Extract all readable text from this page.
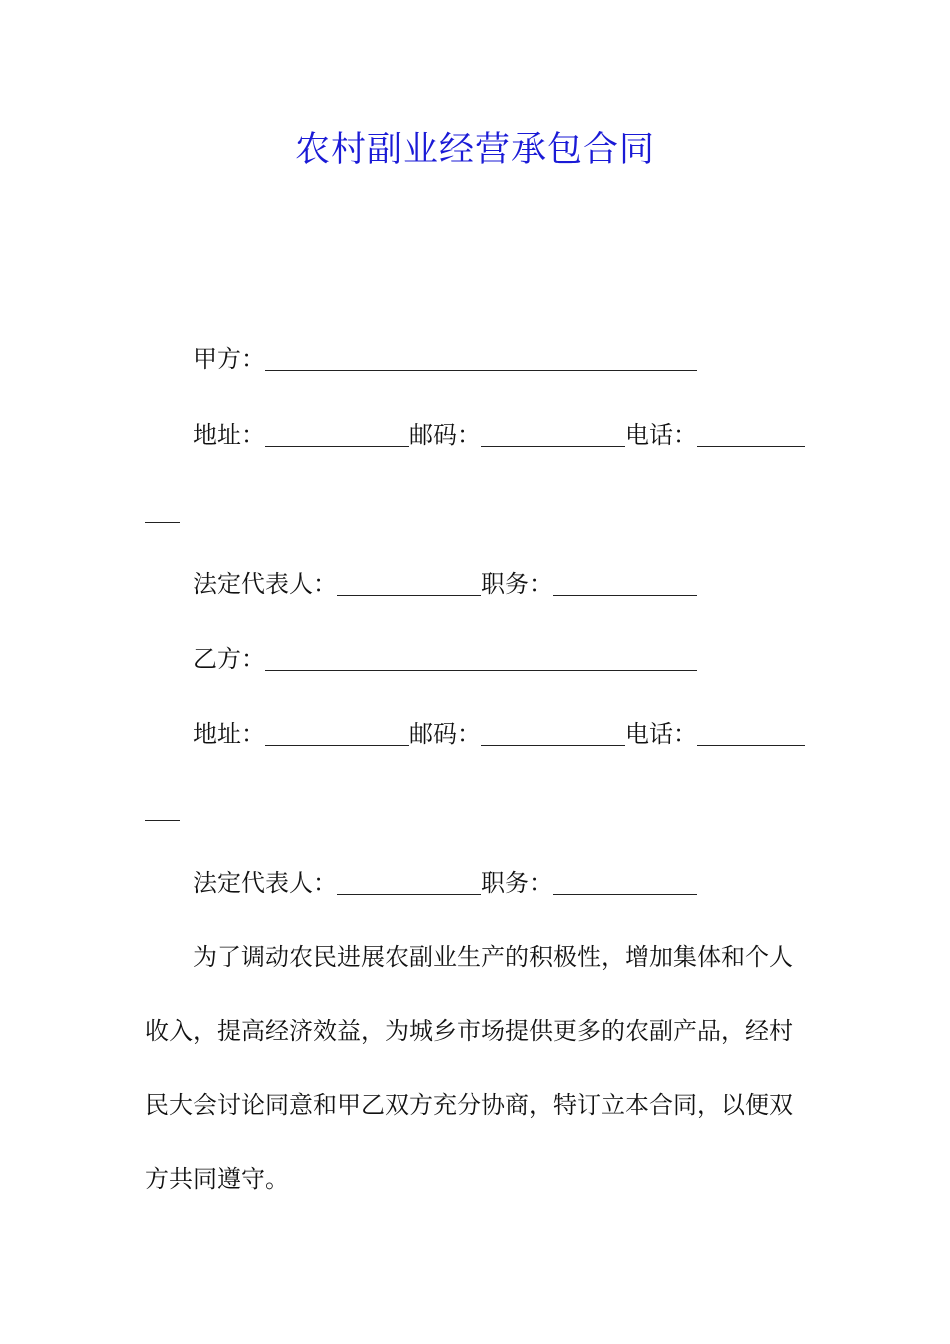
农村副业经营承包合同
甲方：
地址：	邮码：	电话：
法定代表人：	职务：
乙方：
地址：	邮码：	电话：
法定代表人：	职务：
为了调动农民进展农副业生产的积极性，增加集体和个人
收入，提高经济效益，为城乡市场提供更多的农副产品，经村
民大会讨论同意和甲乙双方充分协商，特订立本合同，以便双
方共同遵守。
